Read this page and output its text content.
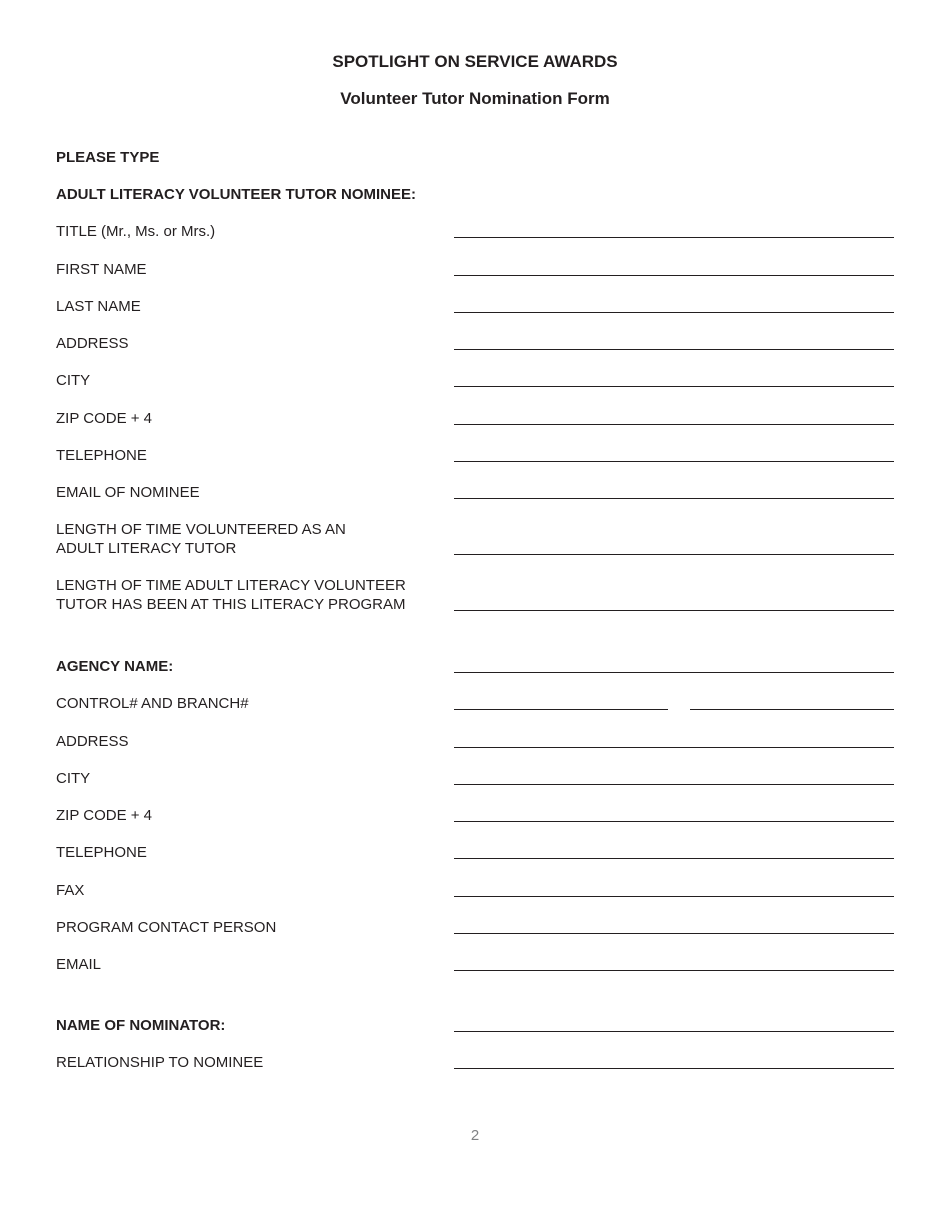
SPOTLIGHT ON SERVICE AWARDS
Volunteer Tutor Nomination Form

PLEASE TYPE

ADULT LITERACY VOLUNTEER TUTOR NOMINEE:

TITLE (Mr., Ms. or Mrs.)

FIRST NAME

LAST NAME

ADDRESS

CITY

ZIP CODE + 4

TELEPHONE

EMAIL OF NOMINEE

LENGTH OF TIME VOLUNTEERED AS AN

ADULT LITERACY TUTOR

LENGTH OF TIME ADULT LITERACY VOLUNTEER

TUTOR HAS BEEN AT THIS LITERACY PROGRAM

AGENCY NAME:

CONTROL# AND BRANCH#

ADDRESS

CITY

ZIP CODE + 4

TELEPHONE

FAX

PROGRAM CONTACT PERSON

EMAIL

NAME OF NOMINATOR:

RELATIONSHIP TO NOMINEE

2
